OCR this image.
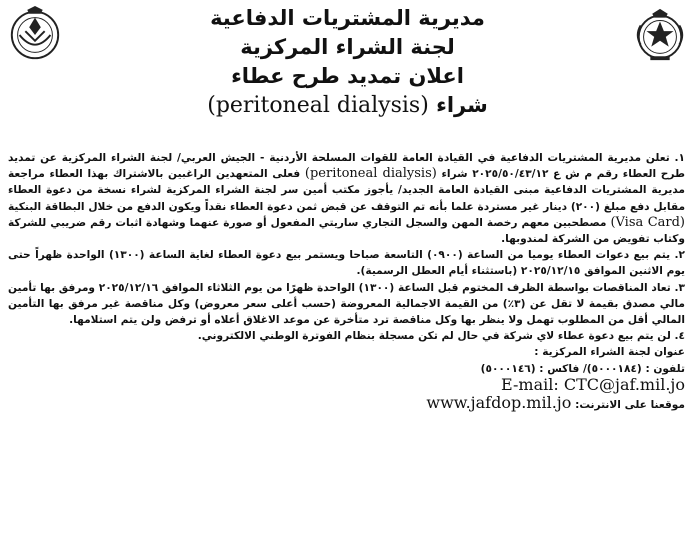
مديرية المشتريات الدفاعية

لجنة الشراء المركزية

اعلان تمديد طرح عطاء

شراء (peritoneal dialysis)

١. تعلن مديرية المشتريات الدفاعية في القيادة العامة للقوات المسلحة الأردنية - الجيش العربي/ لجنة الشراء المركزية عن تمديد طرح العطاء رقم م ش ع ٢٠٢٥/٥٠/٤٣/١٢ شراء (peritoneal dialysis) فعلى المتعهدين الراغبين بالاشتراك بهذا العطاء مراجعة مديرية المشتريات الدفاعية مبنى القيادة العامة الجديد/ يأجوز مكتب أمين سر لجنة الشراء المركزية لشراء نسخة من دعوة العطاء مقابل دفع مبلغ (٢٠٠) دينار غير مستردة علما بأنه تم التوقف عن قبض ثمن دعوة العطاء نقداً ويكون الدفع من خلال البطاقة البنكية (Visa Card) مصطحبين معهم رخصة المهن والسجل التجاري ساريتي المفعول أو صورة عنهما وشهادة اثبات رقم ضريبي للشركة وكتاب تفويض من الشركة لمندوبها.

٢. يتم بيع دعوات العطاء يوميا من الساعة (٠٩٠٠) التاسعة صباحا ويستمر بيع دعوة العطاء لغاية الساعة (١٣٠٠) الواحدة ظهراً حتى يوم الاثنين الموافق ٢٠٢٥/١٢/١٥ (باستثناء أيام العطل الرسمية).

٣. تعاد المناقصات بواسطة الظرف المختوم قبل الساعة (١٣٠٠) الواحدة ظهرًا من يوم الثلاثاء الموافق ٢٠٢٥/١٢/١٦ ومرفق بها تأمين مالي مصدق بقيمة لا تقل عن (٣٪) من القيمة الاجمالية المعروضة (حسب أعلى سعر معروض) وكل مناقصة غير مرفق بها التأمين المالي أقل من المطلوب تهمل ولا ينظر بها وكل مناقصة ترد متأخرة عن موعد الاغلاق أعلاه أو ترفض ولن يتم استلامها.

٤. لن يتم بيع دعوة عطاء لاي شركة في حال لم تكن مسجلة بنظام الفوترة الوطني الالكتروني.

عنوان لجنة الشراء المركزية :

تلفون : (٥٠٠٠١٨٤)/ فاكس : (٥٠٠٠١٤٦)

E-mail: CTC@jaf.mil.jo

موقعنا على الانترنت: www.jafdop.mil.jo
